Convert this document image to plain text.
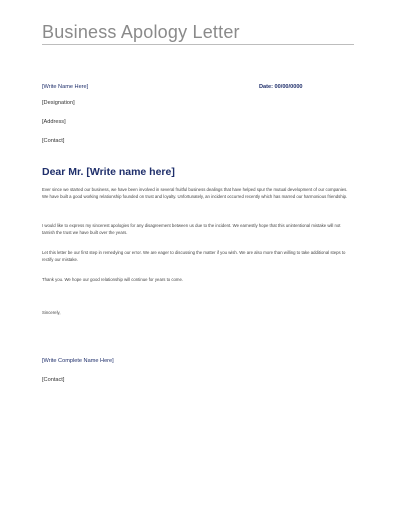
Business Apology Letter
[Write Name Here]	Date: 00/00/0000
[Designation]
[Address]
[Contact]
Dear Mr. [Write name here]
Ever since we started our business, we have been involved in several fruitful business dealings that have helped spur the mutual development of our companies. We have built a good working relationship founded on trust and loyalty. Unfortunately, an incident occurred recently which has marred our harmonious friendship.
I would like to express my sincerest apologies for any disagreement between us due to the incident. We earnestly hope that this unintentional mistake will not tarnish the trust we have built over the years.
Let this letter be our first step in remedying our error. We are eager to discussing the matter if you wish. We are also more than willing to take additional steps to rectify our mistake.
Thank you. We hope our good relationship will continue for years to come.
Sincerely,
[Write Complete Name Here]
[Contact]
